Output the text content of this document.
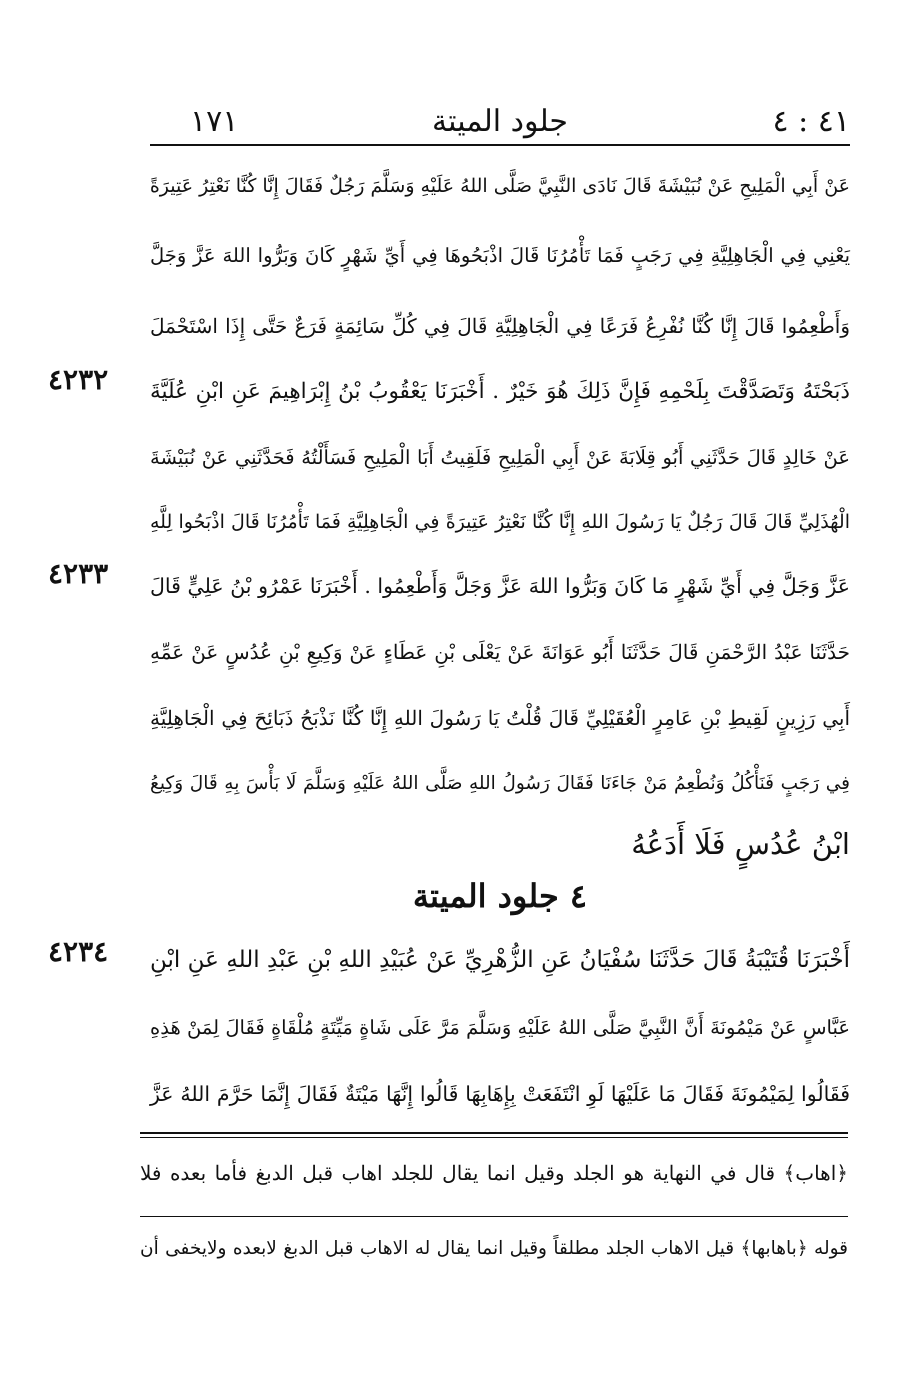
٤١ : ٤
جلود الميتة
١٧١
عَنْ أَبِي الْمَلِيحِ عَنْ نُبَيْشَةَ قَالَ نَادَى النَّبِيَّ صَلَّى اللهُ عَلَيْهِ وَسَلَّمَ رَجُلٌ فَقَالَ إِنَّا كُنَّا نَعْتِرُ عَتِيرَةً
يَعْنِي فِي الْجَاهِلِيَّةِ فِي رَجَبٍ فَمَا تَأْمُرُنَا قَالَ اذْبَحُوهَا فِي أَيِّ شَهْرٍ كَانَ وَبَرُّوا اللهَ عَزَّ وَجَلَّ
وَأَطْعِمُوا قَالَ إِنَّا كُنَّا نُفْرِعُ فَرَعًا فِي الْجَاهِلِيَّةِ قَالَ فِي كُلِّ سَائِمَةٍ فَرَعٌ حَتَّى إِذَا اسْتَحْمَلَ
ذَبَحْتَهُ وَتَصَدَّقْتَ بِلَحْمِهِ فَإِنَّ ذَلِكَ هُوَ خَيْرٌ . أَخْبَرَنَا يَعْقُوبُ بْنُ إِبْرَاهِيمَ عَنِ ابْنِ عُلَيَّةَ
عَنْ خَالِدٍ قَالَ حَدَّثَنِي أَبُو قِلَابَةَ عَنْ أَبِي الْمَلِيحِ فَلَقِيتُ أَبَا الْمَلِيحِ فَسَأَلْتُهُ فَحَدَّثَنِي عَنْ نُبَيْشَةَ
الْهُذَلِيِّ قَالَ قَالَ رَجُلٌ يَا رَسُولَ اللهِ إِنَّا كُنَّا نَعْتِرُ عَتِيرَةً فِي الْجَاهِلِيَّةِ فَمَا تَأْمُرُنَا قَالَ اذْبَحُوا لِلَّهِ
عَزَّ وَجَلَّ فِي أَيِّ شَهْرٍ مَا كَانَ وَبَرُّوا اللهَ عَزَّ وَجَلَّ وَأَطْعِمُوا . أَخْبَرَنَا عَمْرُو بْنُ عَلِيٍّ قَالَ
حَدَّثَنَا عَبْدُ الرَّحْمَنِ قَالَ حَدَّثَنَا أَبُو عَوَانَةَ عَنْ يَعْلَى بْنِ عَطَاءٍ عَنْ وَكِيعِ بْنِ عُدُسٍ عَنْ عَمِّهِ
أَبِي رَزِينٍ لَقِيطِ بْنِ عَامِرٍ الْعُقَيْلِيِّ قَالَ قُلْتُ يَا رَسُولَ اللهِ إِنَّا كُنَّا نَذْبَحُ ذَبَائِحَ فِي الْجَاهِلِيَّةِ
فِي رَجَبٍ فَنَأْكُلُ وَنُطْعِمُ مَنْ جَاءَنَا فَقَالَ رَسُولُ اللهِ صَلَّى اللهُ عَلَيْهِ وَسَلَّمَ لَا بَأْسَ بِهِ قَالَ وَكِيعُ
ابْنُ عُدُسٍ فَلَا أَدَعُهُ
٤٢٣٢
٤٢٣٣
٤٢٣٤
٤ جلود الميتة
أَخْبَرَنَا قُتَيْبَةُ قَالَ حَدَّثَنَا سُفْيَانُ عَنِ الزُّهْرِيِّ عَنْ عُبَيْدِ اللهِ بْنِ عَبْدِ اللهِ عَنِ ابْنِ
عَبَّاسٍ عَنْ مَيْمُونَةَ أَنَّ النَّبِيَّ صَلَّى اللهُ عَلَيْهِ وَسَلَّمَ مَرَّ عَلَى شَاةٍ مَيِّتَةٍ مُلْقَاةٍ فَقَالَ لِمَنْ هَذِهِ
فَقَالُوا لِمَيْمُونَةَ فَقَالَ مَا عَلَيْهَا لَوِ انْتَفَعَتْ بِإِهَابِهَا قَالُوا إِنَّهَا مَيْتَةٌ فَقَالَ إِنَّمَا حَرَّمَ اللهُ عَزَّ
﴿اهاب﴾ قال في النهاية هو الجلد وقيل انما يقال للجلد اهاب قبل الدبغ فأما بعده فلا
قوله ﴿باهابها﴾ قيل الاهاب الجلد مطلقاً وقيل انما يقال له الاهاب قبل الدبغ لابعده ولايخفى أن
